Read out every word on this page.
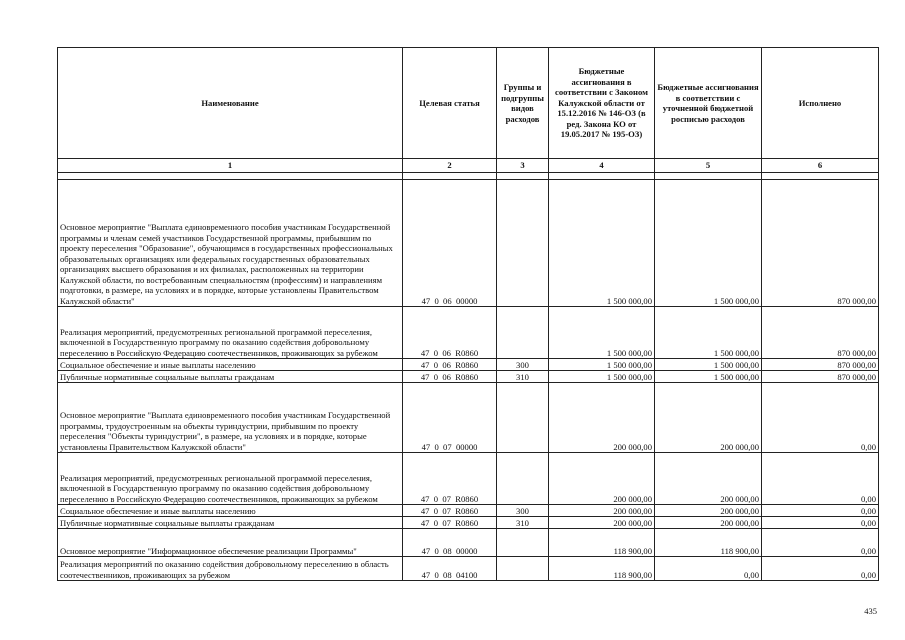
Наименование	Целевая статья	Группы и подгруппы видов расходов	Бюджетные ассигнования в соответствии с Законом Калужской области от 15.12.2016 № 146-ОЗ (в ред. Закона КО от 19.05.2017 № 195-ОЗ)	Бюджетные ассигнования в соответствии с уточненной бюджетной росписью расходов	Исполнено
1	2	3	4	5	6

Основное мероприятие "Выплата единовременного пособия участникам Государственной программы и членам семей участников Государственной программы, прибывшим по проекту переселения "Образование", обучающимся в государственных профессиональных образовательных организациях или федеральных государственных образовательных организациях высшего образования и их филиалах, расположенных на территории Калужской области, по востребованным специальностям (профессиям) и направлениям подготовки, в размере, на условиях и в порядке, которые установлены Правительством Калужской области"	47  0  06  00000		1 500 000,00	1 500 000,00	870 000,00
Реализация мероприятий, предусмотренных региональной программой переселения, включенной в Государственную программу по оказанию содействия добровольному переселению в Российскую Федерацию соотечественников, проживающих за рубежом	47  0  06  R0860		1 500 000,00	1 500 000,00	870 000,00
Социальное обеспечение и иные выплаты населению	47  0  06  R0860	300	1 500 000,00	1 500 000,00	870 000,00
Публичные нормативные социальные выплаты гражданам	47  0  06  R0860	310	1 500 000,00	1 500 000,00	870 000,00
Основное мероприятие "Выплата единовременного пособия участникам Государственной программы, трудоустроенным на объекты туриндустрии, прибывшим по проекту переселения "Объекты туриндустрии", в размере, на условиях и в порядке, которые установлены Правительством Калужской области"	47  0  07  00000		200 000,00	200 000,00	0,00
Реализация мероприятий, предусмотренных региональной программой переселения, включенной в Государственную программу по оказанию содействия добровольному переселению в Российскую Федерацию соотечественников, проживающих за рубежом	47  0  07  R0860		200 000,00	200 000,00	0,00
Социальное обеспечение и иные выплаты населению	47  0  07  R0860	300	200 000,00	200 000,00	0,00
Публичные нормативные социальные выплаты гражданам	47  0  07  R0860	310	200 000,00	200 000,00	0,00
Основное мероприятие "Информационное обеспечение реализации Программы"	47  0  08  00000		118 900,00	118 900,00	0,00
Реализация мероприятий по оказанию содействия добровольному переселению в область соотечественников, проживающих за рубежом	47  0  08  04100		118 900,00	0,00	0,00
435
